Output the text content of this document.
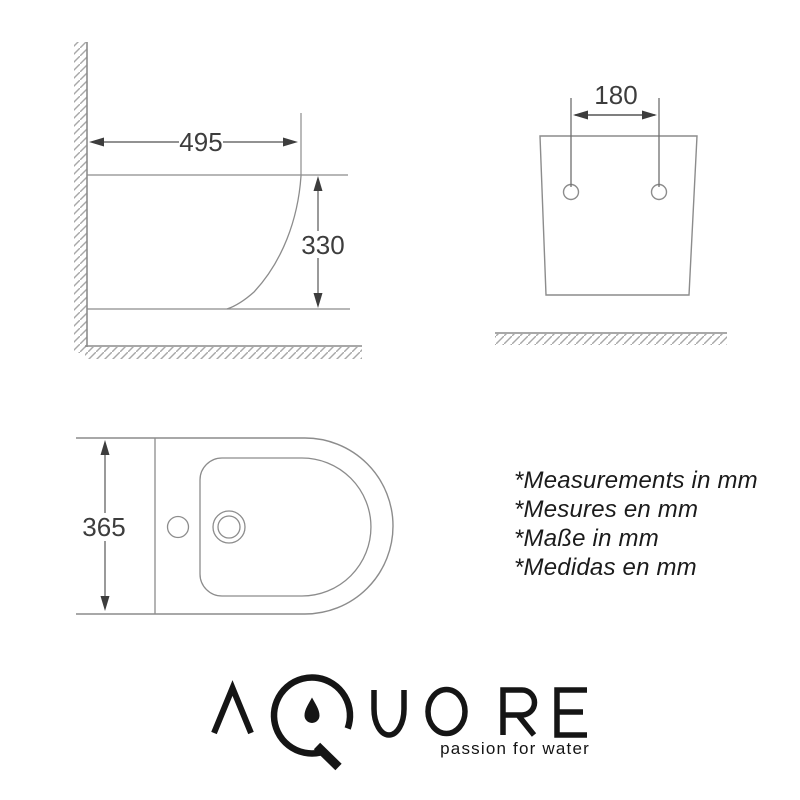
495
330
180
365
*Measurements in mm
*Mesures en mm
*Maße in mm
*Medidas en mm
passion for water
